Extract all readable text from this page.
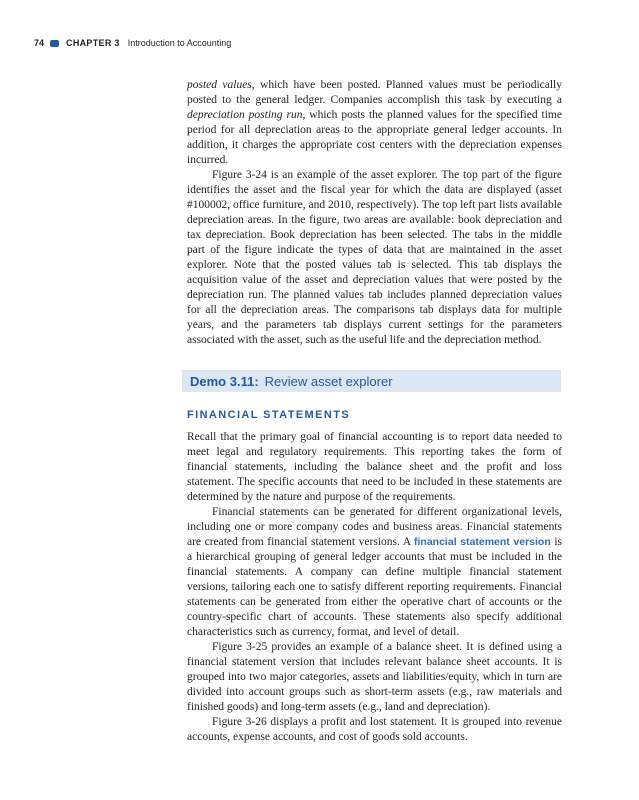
74 CHAPTER 3 Introduction to Accounting

posted values, which have been posted. Planned values must be periodically posted to the general ledger. Companies accomplish this task by executing a depreciation posting run, which posts the planned values for the specified time period for all depreciation areas to the appropriate general ledger accounts. In addition, it charges the appropriate cost centers with the depreciation expenses incurred.

Figure 3-24 is an example of the asset explorer. The top part of the figure identifies the asset and the fiscal year for which the data are displayed (asset #100002, office furniture, and 2010, respectively). The top left part lists available depreciation areas. In the figure, two areas are available: book depreciation and tax depreciation. Book depreciation has been selected. The tabs in the middle part of the figure indicate the types of data that are maintained in the asset explorer. Note that the posted values tab is selected. This tab displays the acquisition value of the asset and depreciation values that were posted by the depreciation run. The planned values tab includes planned depreciation values for all the depreciation areas. The comparisons tab displays data for multiple years, and the parameters tab displays current settings for the parameters associated with the asset, such as the useful life and the depreciation method.

Demo 3.11: Review asset explorer
FINANCIAL STATEMENTS

Recall that the primary goal of financial accounting is to report data needed to meet legal and regulatory requirements. This reporting takes the form of financial statements, including the balance sheet and the profit and loss statement. The specific accounts that need to be included in these statements are determined by the nature and purpose of the requirements.

Financial statements can be generated for different organizational levels, including one or more company codes and business areas. Financial statements are created from financial statement versions. A financial statement version is a hierarchical grouping of general ledger accounts that must be included in the financial statements. A company can define multiple financial statement versions, tailoring each one to satisfy different reporting requirements. Financial statements can be generated from either the operative chart of accounts or the country-specific chart of accounts. These statements also specify additional characteristics such as currency, format, and level of detail.

Figure 3-25 provides an example of a balance sheet. It is defined using a financial statement version that includes relevant balance sheet accounts. It is grouped into two major categories, assets and liabilities/equity, which in turn are divided into account groups such as short-term assets (e.g., raw materials and finished goods) and long-term assets (e.g., land and depreciation).

Figure 3-26 displays a profit and lost statement. It is grouped into revenue accounts, expense accounts, and cost of goods sold accounts.
